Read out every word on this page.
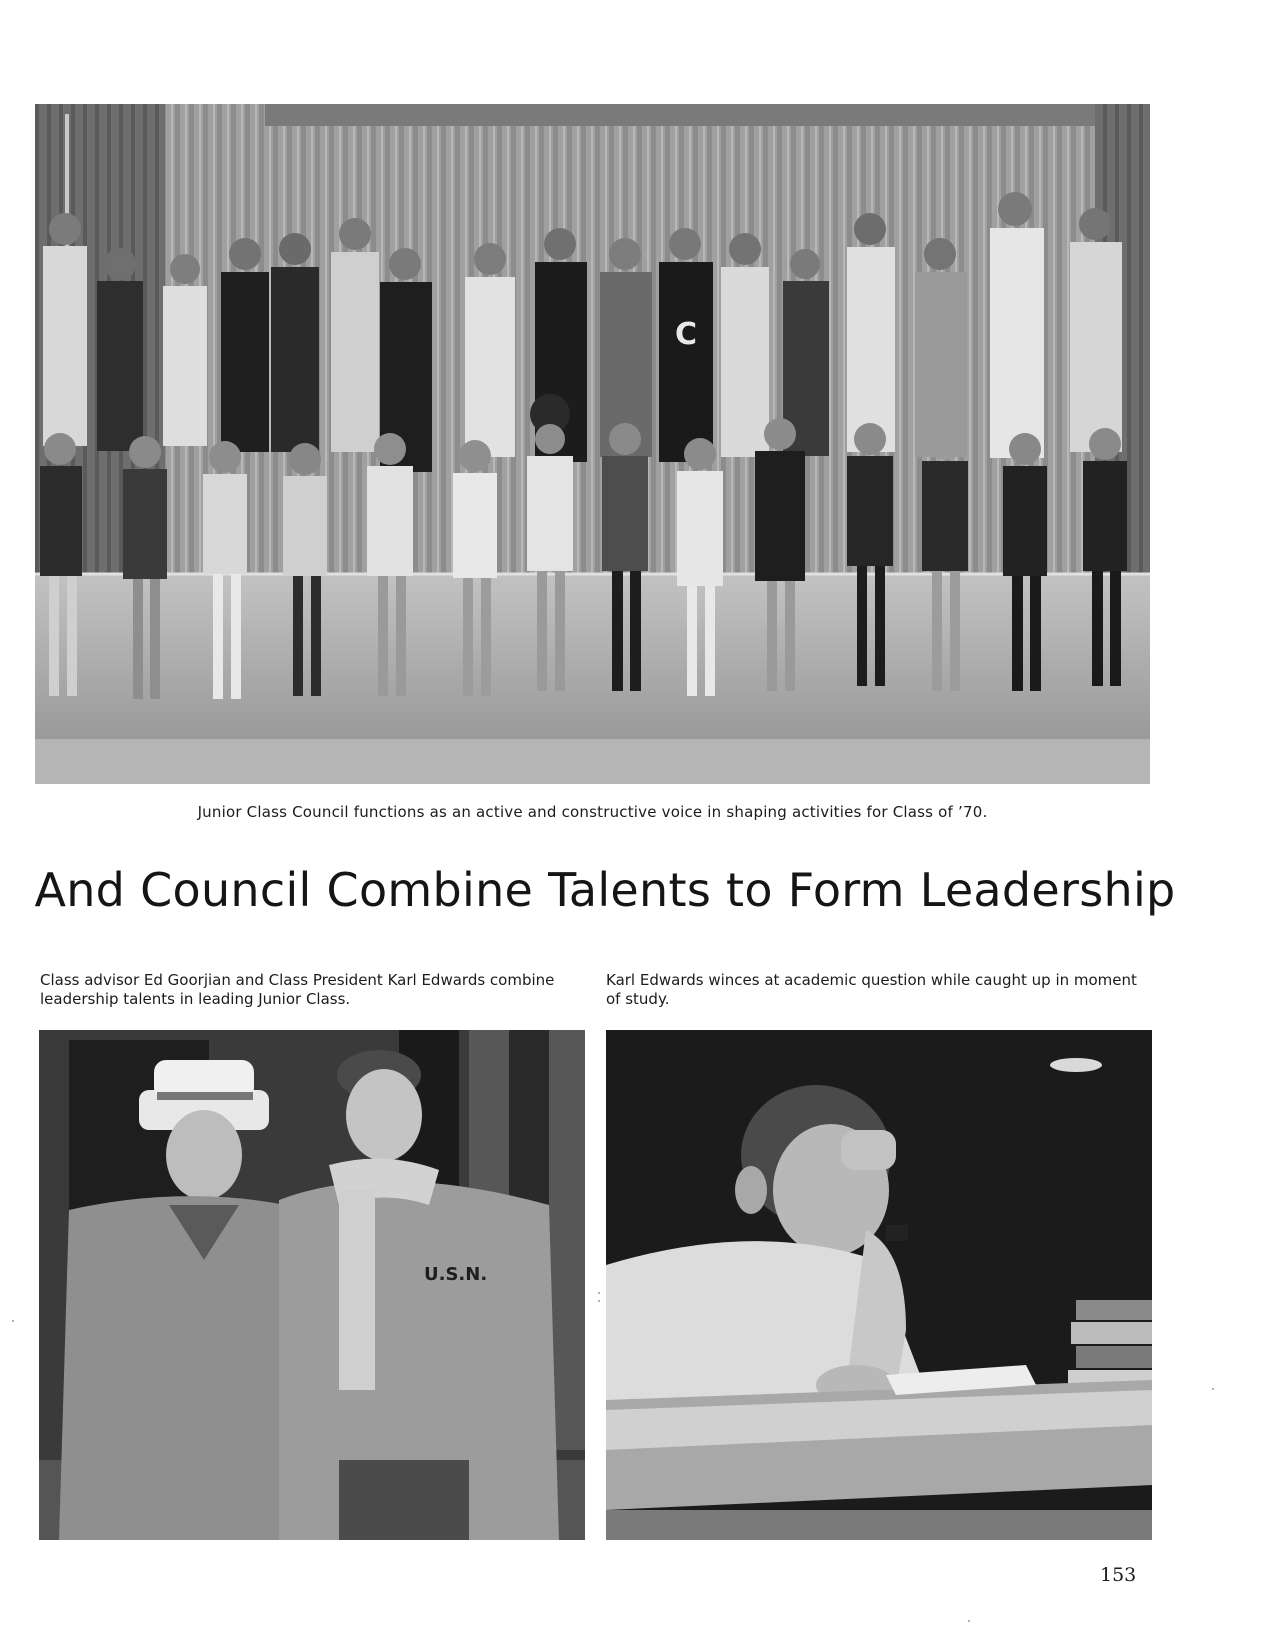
C
Junior Class Council functions as an active and constructive voice in shaping activities for Class of ’70.
And Council Combine Talents to Form Leadership
Class advisor Ed Goorjian and Class President Karl Edwards combine leadership talents in leading Junior Class.
Karl Edwards winces at academic question while caught up in moment of study.
U.S.N.
153
